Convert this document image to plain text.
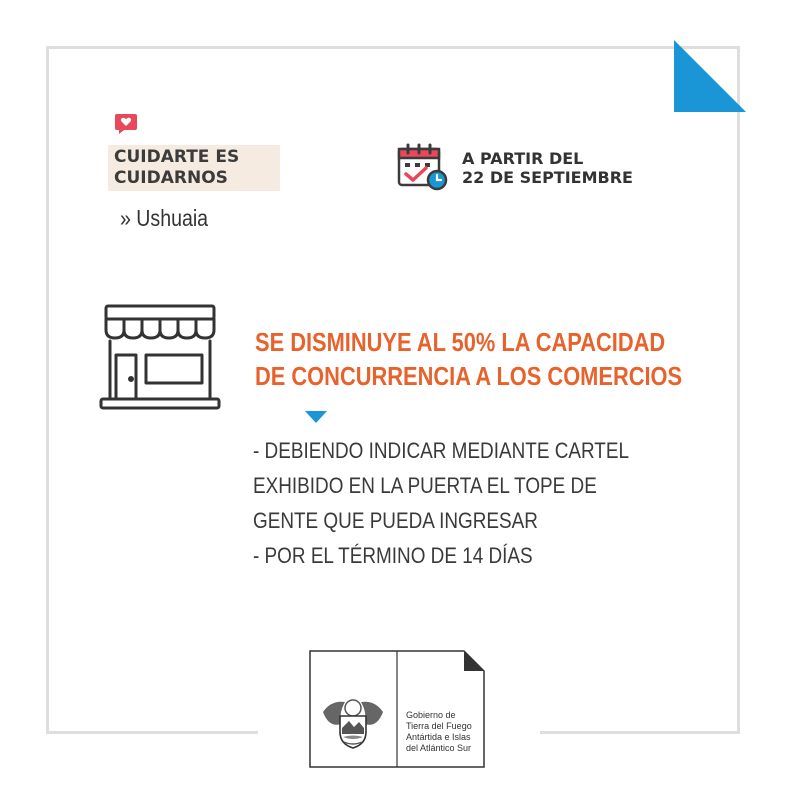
CUIDARTE ES
CUIDARNOS
» Ushuaia
A PARTIR DEL
22 DE SEPTIEMBRE
SE DISMINUYE AL 50% LA CAPACIDAD
DE CONCURRENCIA A LOS COMERCIOS
- DEBIENDO INDICAR MEDIANTE CARTEL
EXHIBIDO EN LA PUERTA EL TOPE DE
GENTE QUE PUEDA INGRESAR
- POR EL TÉRMINO DE 14 DÍAS
Gobierno de
Tierra del Fuego
Antártida e Islas
del Atlántico Sur
